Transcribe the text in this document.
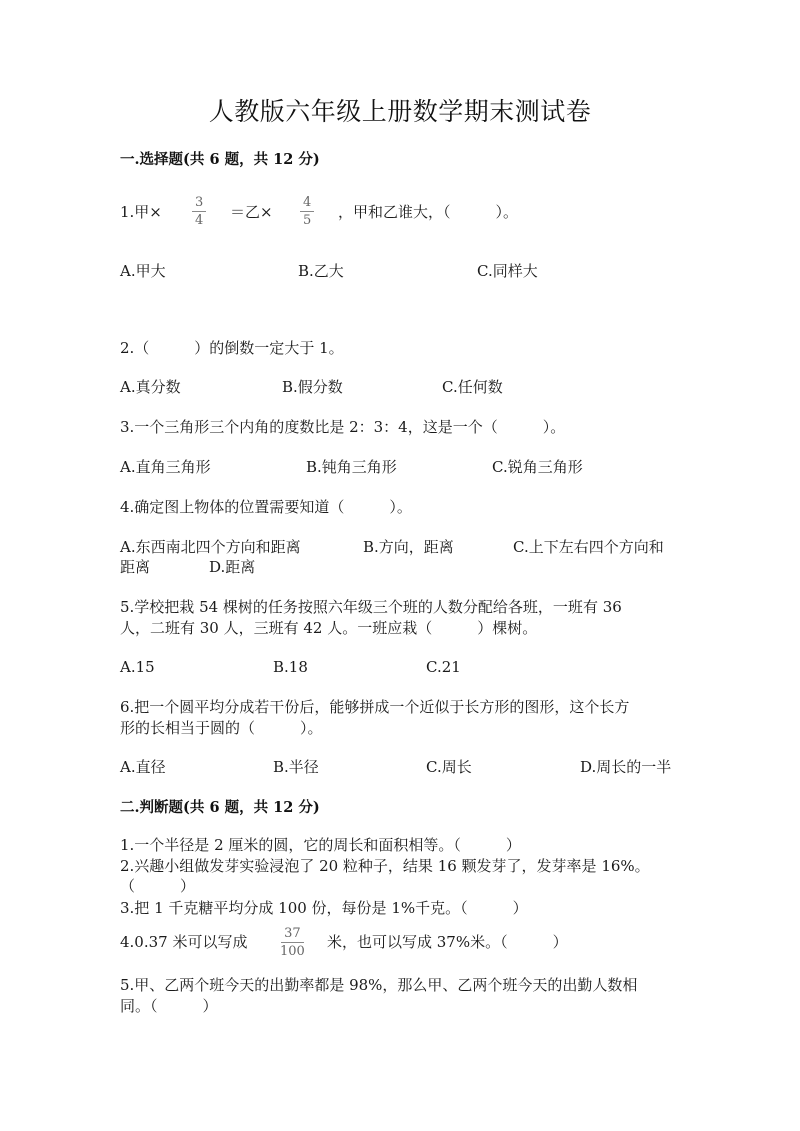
人教版六年级上册数学期末测试卷
一.选择题(共 6 题，共 12 分)
1.甲× $\frac{3}{4}$ ＝乙× $\frac{4}{5}$ ，甲和乙谁大，（　　　）。
A.甲大	B.乙大	C.同样大
2.（　　　）的倒数一定大于 1。
A.真分数	B.假分数	C.任何数
3.一个三角形三个内角的度数比是 2：3：4，这是一个（　　　）。
A.直角三角形	B.钝角三角形	C.锐角三角形
4.确定图上物体的位置需要知道（　　　）。
A.东西南北四个方向和距离	B.方向，距离	C.上下左右四个方向和
距离	D.距离
5.学校把栽 54 棵树的任务按照六年级三个班的人数分配给各班，一班有 36
人，二班有 30 人，三班有 42 人。一班应栽（　　　）棵树。
A.15	B.18	C.21
6.把一个圆平均分成若干份后，能够拼成一个近似于长方形的图形，这个长方
形的长相当于圆的（　　　）。
A.直径	B.半径	C.周长	D.周长的一半
二.判断题(共 6 题，共 12 分)
1.一个半径是 2 厘米的圆，它的周长和面积相等。（　　　）
2.兴趣小组做发芽实验浸泡了 20 粒种子，结果 16 颗发芽了，发芽率是 16%。
（　　　）
3.把 1 千克糖平均分成 100 份，每份是 1%千克。（　　　）
4.0.37 米可以写成 $\frac{37}{100}$ 米，也可以写成 37%米。（　　　）
5.甲、乙两个班今天的出勤率都是 98%，那么甲、乙两个班今天的出勤人数相
同。（　　　）
